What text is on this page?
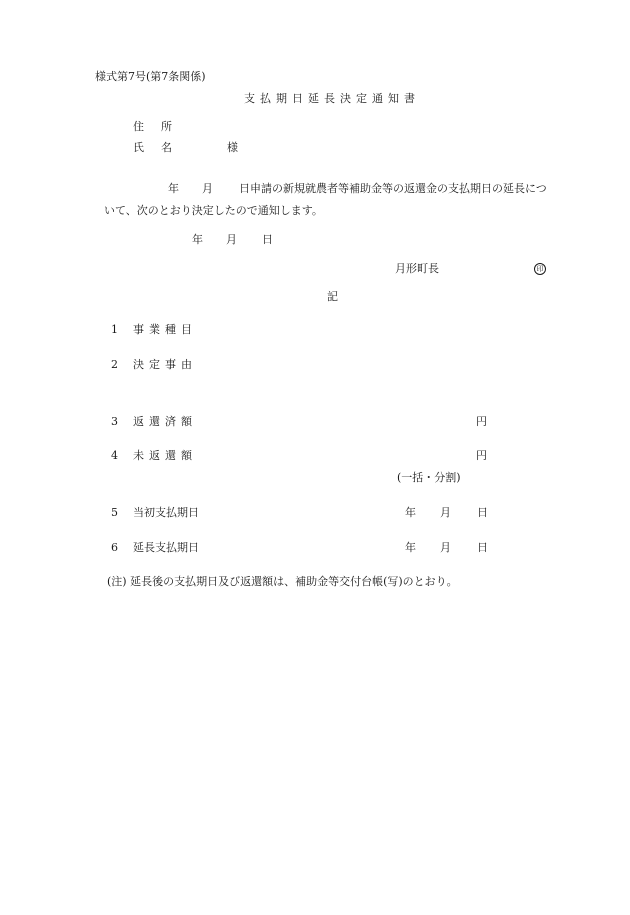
様式第7号(第7条関係)
支払期日延長決定通知書
住　所
氏　名	様
年 月 日申請の新規就農者等補助金等の返還金の支払期日の延長につ
いて、次のとおり決定したので通知します。
年 月 日
月形町長	印
記
1 事業種目
2 決定事由
3 返還済額	円
4 未返還額	円
(一括・分割)
5 当初支払期日	年 月 日
6 延長支払期日	年 月 日
(注) 延長後の支払期日及び返還額は、補助金等交付台帳(写)のとおり。
